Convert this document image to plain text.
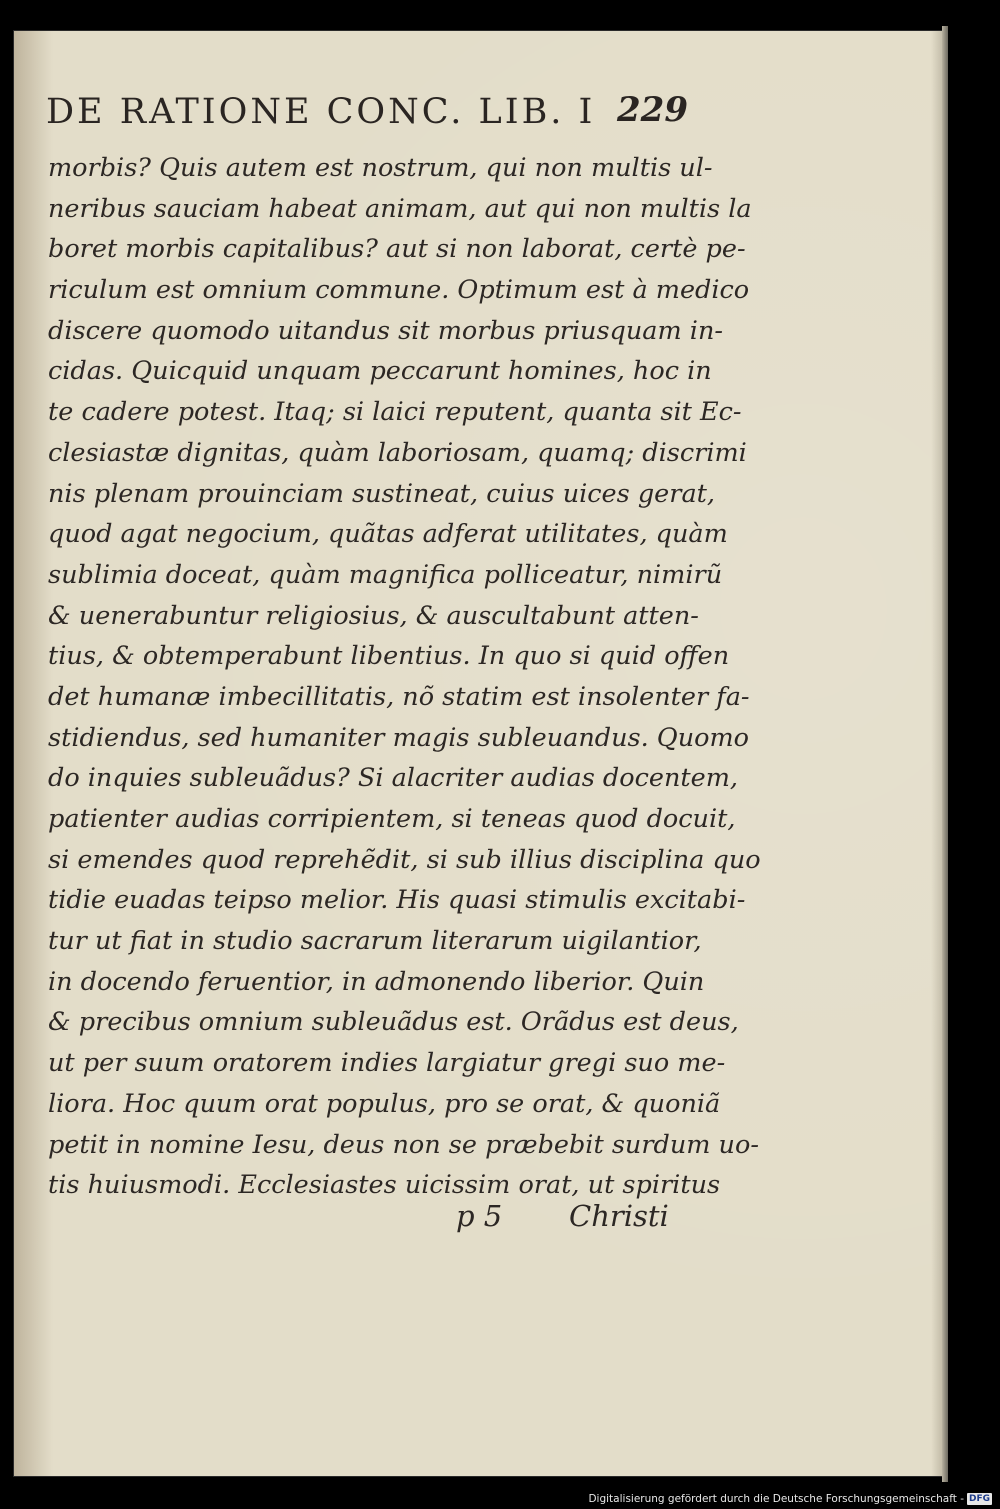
DE RATIONE CONC. LIB. I 229
morbis? Quis autem est nostrum, qui non multis ul-
neribus sauciam habeat animam, aut qui non multis la
boret morbis capitalibus? aut si non laborat, certè pe-
riculum est omnium commune. Optimum est à medico
discere quomodo uitandus sit morbus priusquam in-
cidas. Quicquid unquam peccarunt homines, hoc in
te cadere potest. Itaq; si laici reputent, quanta sit Ec-
clesiastæ dignitas, quàm laboriosam, quamq; discrimi
nis plenam prouinciam sustineat, cuius uices gerat,
quod agat negocium, quãtas adferat utilitates, quàm
sublimia doceat, quàm magnifica polliceatur, nimirũ
& uenerabuntur religiosius, & auscultabunt atten-
tius, & obtemperabunt libentius. In quo si quid offen
det humanæ imbecillitatis, nõ statim est insolenter fa-
stidiendus, sed humaniter magis subleuandus. Quomo
do inquies subleuãdus? Si alacriter audias docentem,
patienter audias corripientem, si teneas quod docuit,
si emendes quod reprehẽdit, si sub illius disciplina quo
tidie euadas teipso melior. His quasi stimulis excitabi-
tur ut fiat in studio sacrarum literarum uigilantior,
in docendo feruentior, in admonendo liberior. Quin
& precibus omnium subleuãdus est. Orãdus est deus,
ut per suum oratorem indies largiatur gregi suo me-
liora. Hoc quum orat populus, pro se orat, & quoniã
petit in nomine Iesu, deus non se præbebit surdum uo-
tis huiusmodi. Ecclesiastes uicissim orat, ut spiritus
p 5 Christi
Digitalisierung gefördert durch die Deutsche Forschungsgemeinschaft - DFG
